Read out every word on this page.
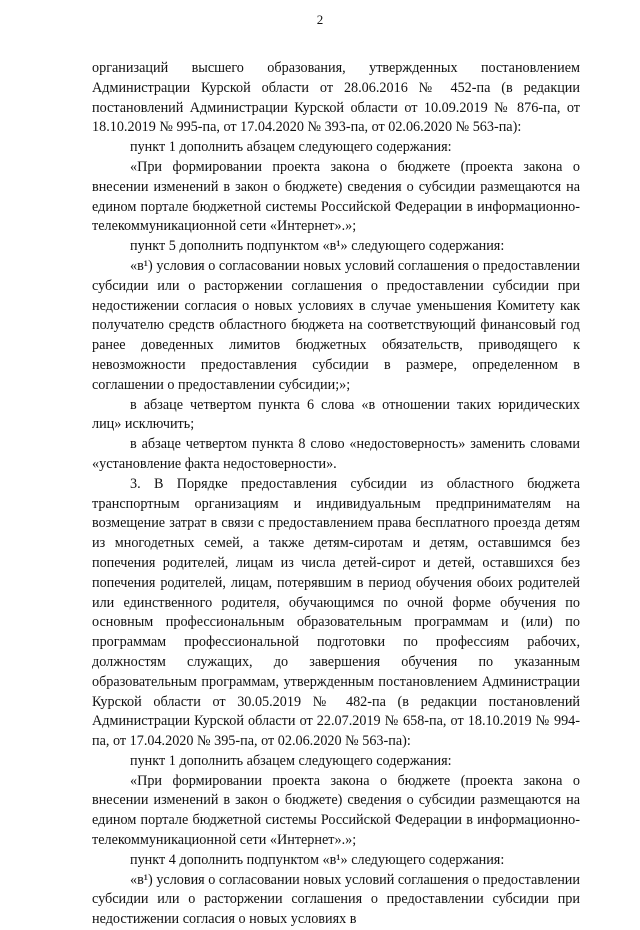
2

организаций высшего образования, утвержденных постановлением Администрации Курской области от 28.06.2016 № 452-па (в редакции постановлений Администрации Курской области от 10.09.2019 № 876-па, от 18.10.2019 № 995-па, от 17.04.2020 № 393-па, от 02.06.2020 № 563-па):

пункт 1 дополнить абзацем следующего содержания:

«При формировании проекта закона о бюджете (проекта закона о внесении изменений в закон о бюджете) сведения о субсидии размещаются на едином портале бюджетной системы Российской Федерации в информационно-телекоммуникационной сети «Интернет».»;

пункт 5 дополнить подпунктом «в¹» следующего содержания:

«в¹) условия о согласовании новых условий соглашения о предоставлении субсидии или о расторжении соглашения о предоставлении субсидии при недостижении согласия о новых условиях в случае уменьшения Комитету как получателю средств областного бюджета на соответствующий финансовый год ранее доведенных лимитов бюджетных обязательств, приводящего к невозможности предоставления субсидии в размере, определенном в соглашении о предоставлении субсидии;»;

в абзаце четвертом пункта 6 слова «в отношении таких юридических лиц» исключить;

в абзаце четвертом пункта 8 слово «недостоверность» заменить словами «установление факта недостоверности».

3. В Порядке предоставления субсидии из областного бюджета транспортным организациям и индивидуальным предпринимателям на возмещение затрат в связи с предоставлением права бесплатного проезда детям из многодетных семей, а также детям-сиротам и детям, оставшимся без попечения родителей, лицам из числа детей-сирот и детей, оставшихся без попечения родителей, лицам, потерявшим в период обучения обоих родителей или единственного родителя, обучающимся по очной форме обучения по основным профессиональным образовательным программам и (или) по программам профессиональной подготовки по профессиям рабочих, должностям служащих, до завершения обучения по указанным образовательным программам, утвержденным постановлением Администрации Курской области от 30.05.2019 № 482-па (в редакции постановлений Администрации Курской области от 22.07.2019 № 658-па, от 18.10.2019 № 994-па, от 17.04.2020 № 395-па, от 02.06.2020 № 563-па):

пункт 1 дополнить абзацем следующего содержания:

«При формировании проекта закона о бюджете (проекта закона о внесении изменений в закон о бюджете) сведения о субсидии размещаются на едином портале бюджетной системы Российской Федерации в информационно-телекоммуникационной сети «Интернет».»;

пункт 4 дополнить подпунктом «в¹» следующего содержания:

«в¹) условия о согласовании новых условий соглашения о предоставлении субсидии или о расторжении соглашения о предоставлении субсидии при недостижении согласия о новых условиях в
